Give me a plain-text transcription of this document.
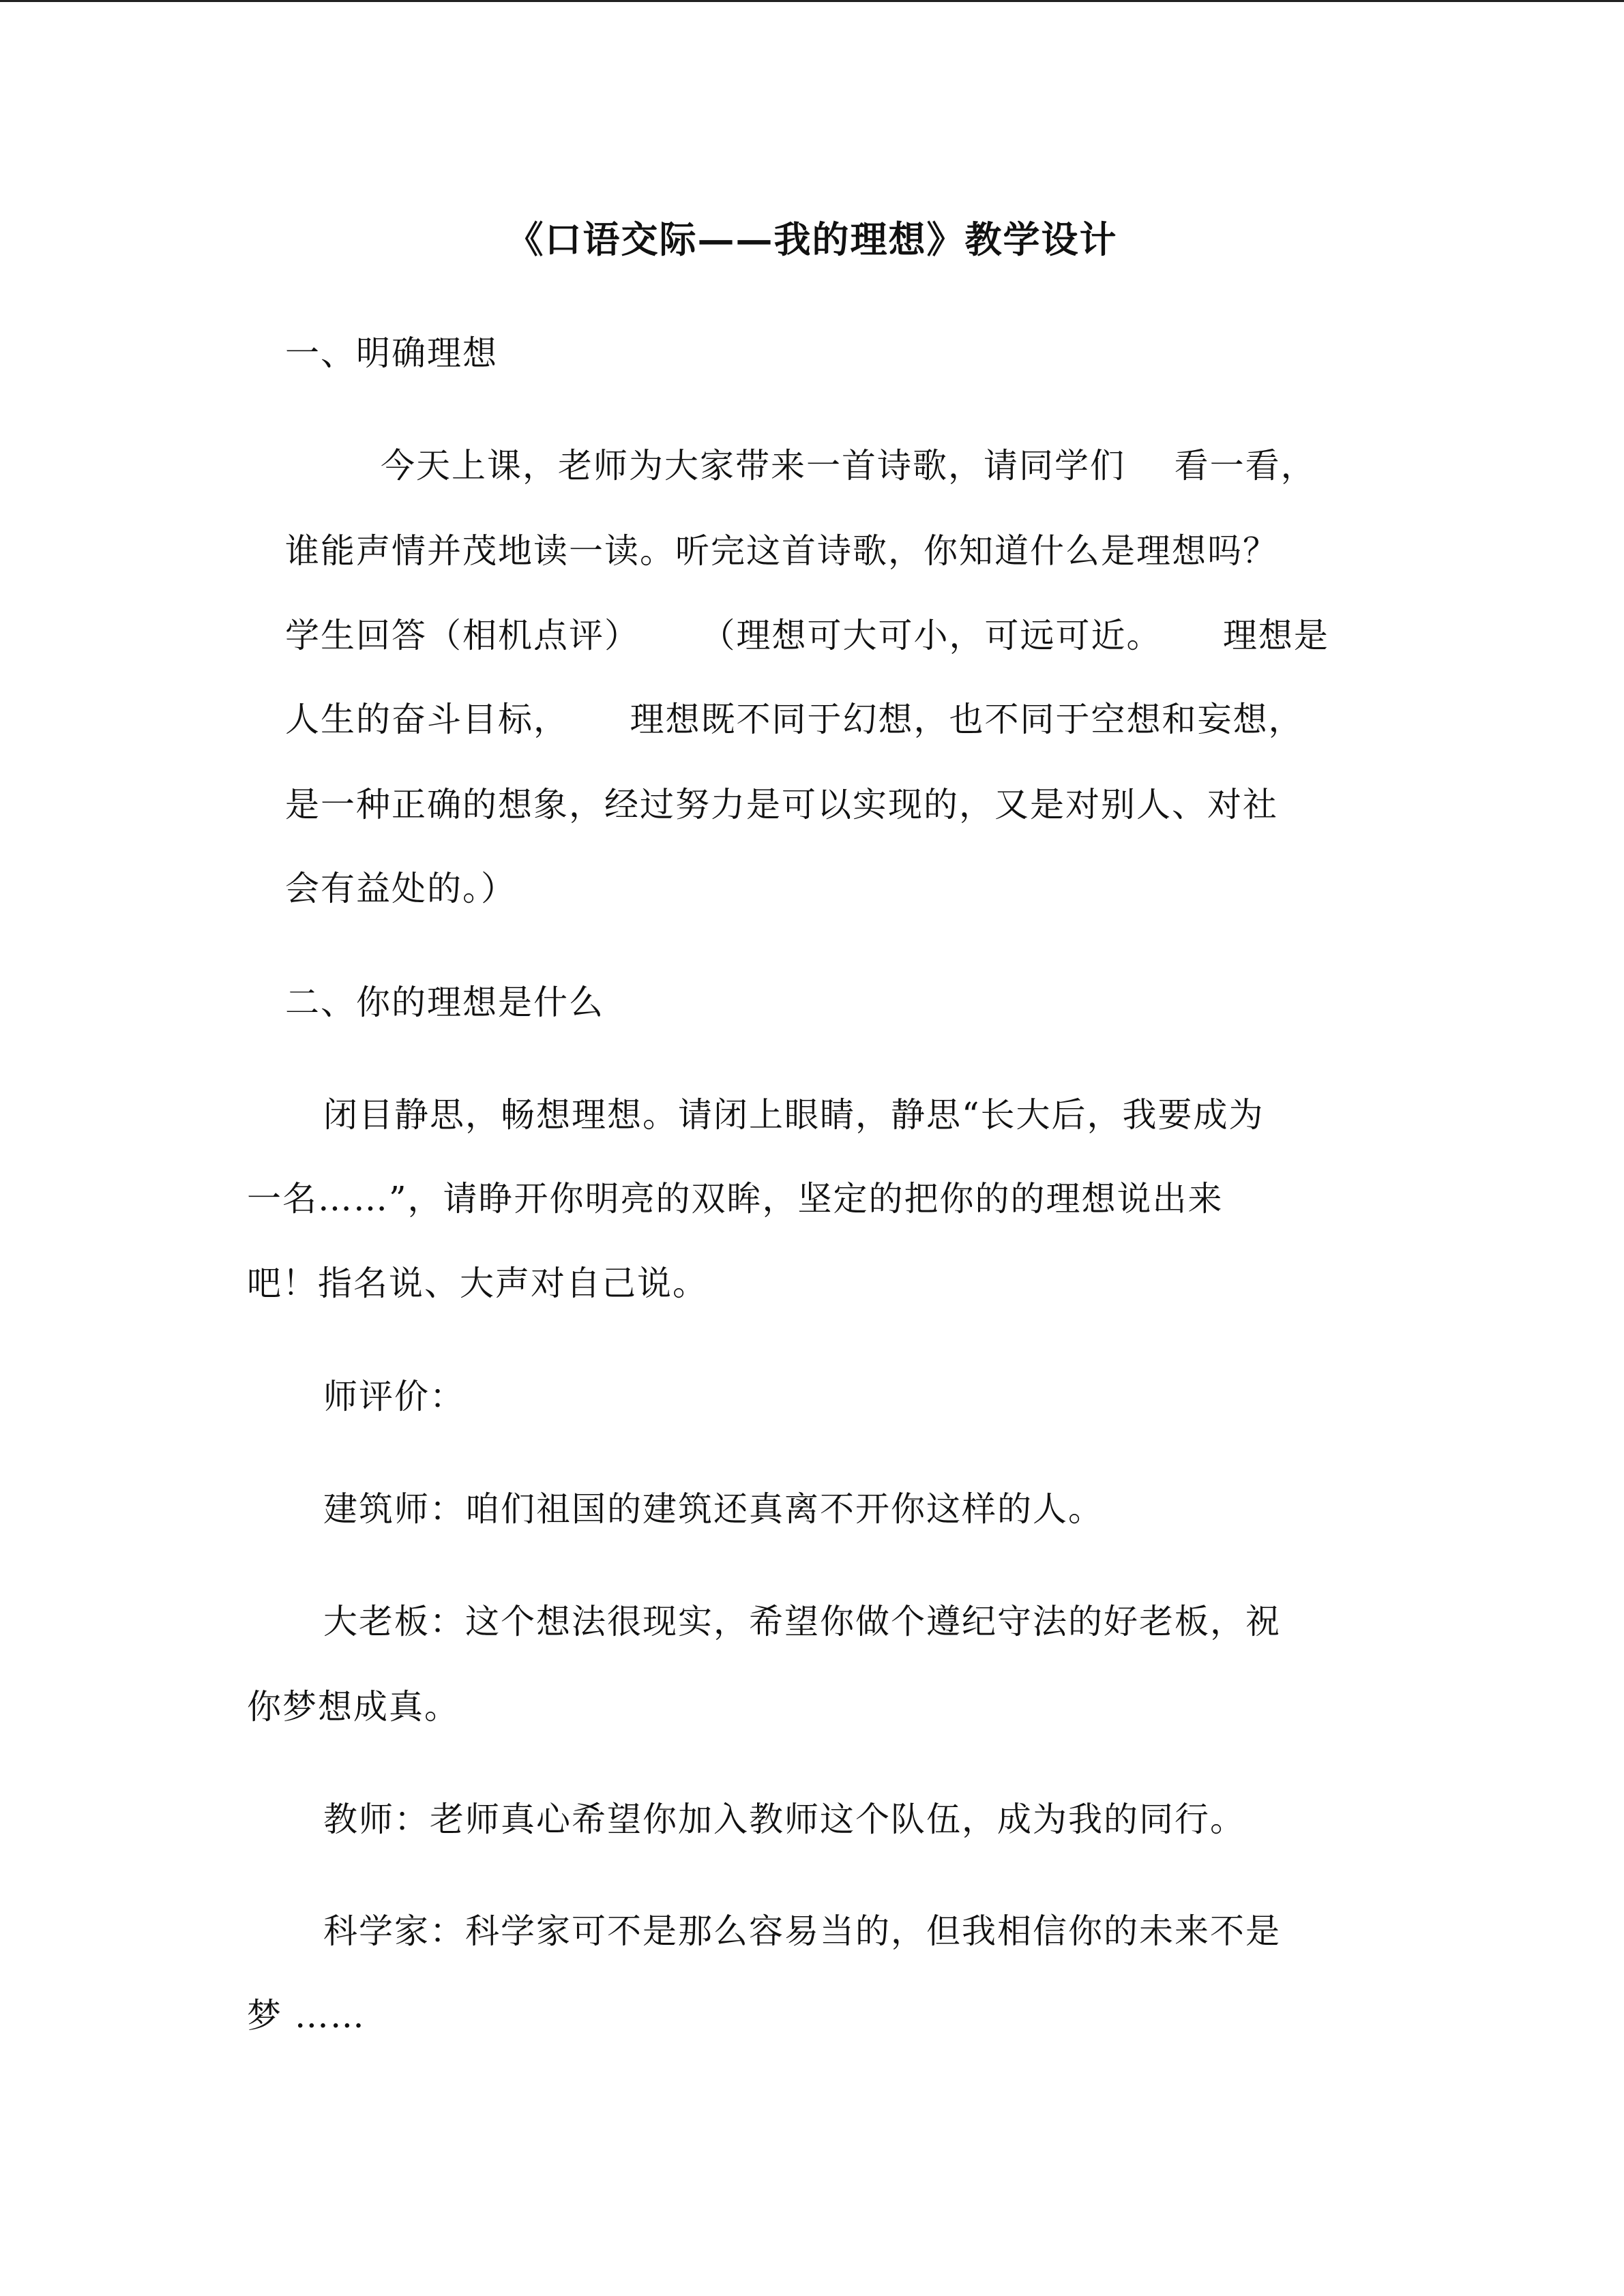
《口语交际——我的理想》教学设计
一、明确理想
今天上课，老师为大家带来一首诗歌，请同学们    看一看，
谁能声情并茂地读一读。听完这首诗歌，你知道什么是理想吗？
学生回答（相机点评）     （理想可大可小，可远可近。     理想是
人生的奋斗目标，     理想既不同于幻想，也不同于空想和妄想，
是一种正确的想象，经过努力是可以实现的，又是对别人、对社
会有益处的。）
二、你的理想是什么
闭目静思，畅想理想。请闭上眼睛，静思“长大后，我要成为
一名……”，请睁开你明亮的双眸，坚定的把你的的理想说出来
吧！指名说、大声对自己说。
师评价：
建筑师：咱们祖国的建筑还真离不开你这样的人。
大老板：这个想法很现实，希望你做个遵纪守法的好老板，祝
你梦想成真。
教师：老师真心希望你加入教师这个队伍，成为我的同行。
科学家：科学家可不是那么容易当的，但我相信你的未来不是
梦 ……
